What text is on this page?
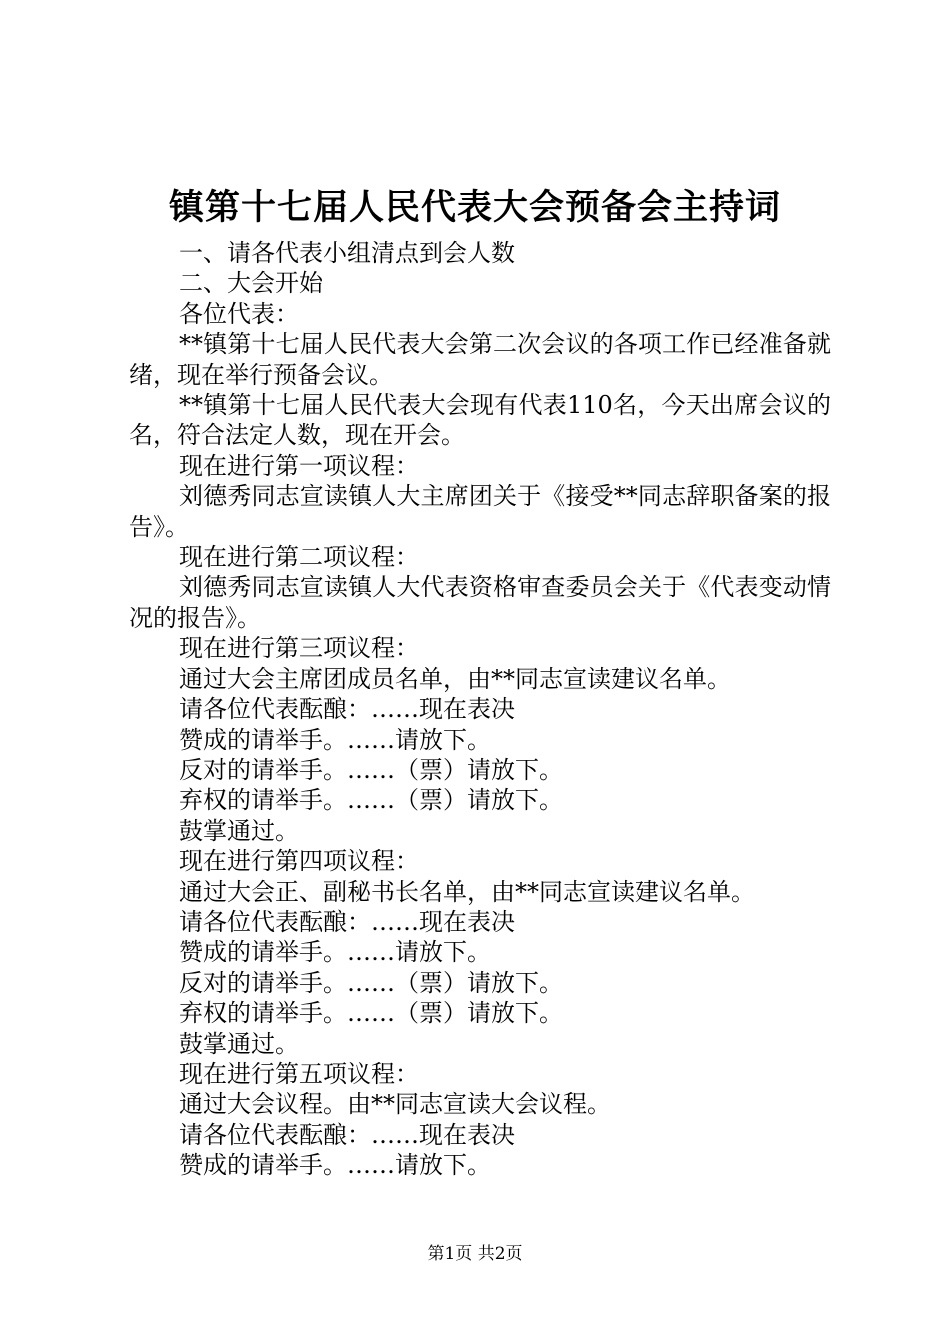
镇第十七届人民代表大会预备会主持词

一、请各代表小组清点到会人数

二、大会开始

各位代表：

**镇第十七届人民代表大会第二次会议的各项工作已经准备就绪，现在举行预备会议。

**镇第十七届人民代表大会现有代表110名，今天出席会议的名，符合法定人数，现在开会。

现在进行第一项议程：

刘德秀同志宣读镇人大主席团关于《接受**同志辞职备案的报告》。

现在进行第二项议程：

刘德秀同志宣读镇人大代表资格审查委员会关于《代表变动情况的报告》。

现在进行第三项议程：

通过大会主席团成员名单，由**同志宣读建议名单。

请各位代表酝酿：……现在表决

赞成的请举手。……请放下。

反对的请举手。……（票）请放下。

弃权的请举手。……（票）请放下。

鼓掌通过。

现在进行第四项议程：

通过大会正、副秘书长名单，由**同志宣读建议名单。

请各位代表酝酿：……现在表决

赞成的请举手。……请放下。

反对的请举手。……（票）请放下。

弃权的请举手。……（票）请放下。

鼓掌通过。

现在进行第五项议程：

通过大会议程。由**同志宣读大会议程。

请各位代表酝酿：……现在表决

赞成的请举手。……请放下。

第1页 共2页
